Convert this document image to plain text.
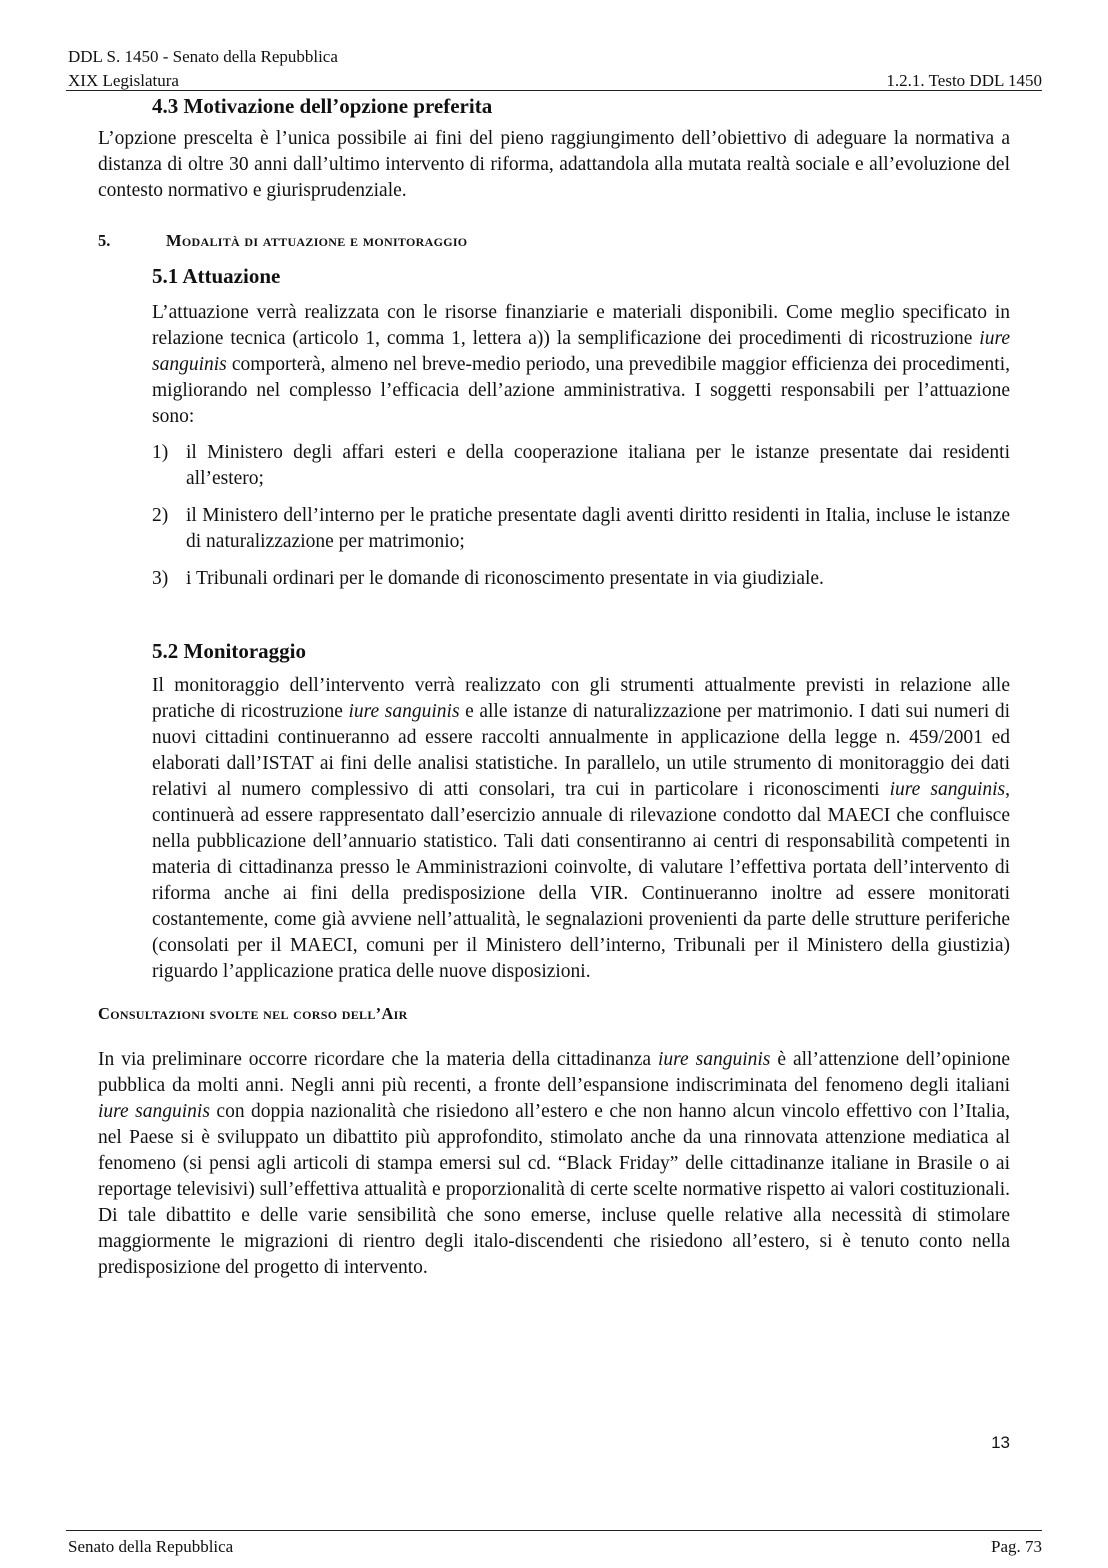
DDL S. 1450 - Senato della Repubblica
XIX Legislatura	1.2.1. Testo DDL 1450
4.3 Motivazione dell’opzione preferita

L’opzione prescelta è l’unica possibile ai fini del pieno raggiungimento dell’obiettivo di adeguare la normativa a distanza di oltre 30 anni dall’ultimo intervento di riforma, adattandola alla mutata realtà sociale e all’evoluzione del contesto normativo e giurisprudenziale.

5.	Modalità di attuazione e monitoraggio
5.1 Attuazione

L’attuazione verrà realizzata con le risorse finanziarie e materiali disponibili. Come meglio specificato in relazione tecnica (articolo 1, comma 1, lettera a)) la semplificazione dei procedimenti di ricostruzione iure sanguinis comporterà, almeno nel breve-medio periodo, una prevedibile maggior efficienza dei procedimenti, migliorando nel complesso l’efficacia dell’azione amministrativa. I soggetti responsabili per l’attuazione sono:

1) il Ministero degli affari esteri e della cooperazione italiana per le istanze presentate dai residenti all’estero;
2) il Ministero dell’interno per le pratiche presentate dagli aventi diritto residenti in Italia, incluse le istanze di naturalizzazione per matrimonio;
3) i Tribunali ordinari per le domande di riconoscimento presentate in via giudiziale.
5.2 Monitoraggio

Il monitoraggio dell’intervento verrà realizzato con gli strumenti attualmente previsti in relazione alle pratiche di ricostruzione iure sanguinis e alle istanze di naturalizzazione per matrimonio. I dati sui numeri di nuovi cittadini continueranno ad essere raccolti annualmente in applicazione della legge n. 459/2001 ed elaborati dall’ISTAT ai fini delle analisi statistiche. In parallelo, un utile strumento di monitoraggio dei dati relativi al numero complessivo di atti consolari, tra cui in particolare i riconoscimenti iure sanguinis, continuerà ad essere rappresentato dall’esercizio annuale di rilevazione condotto dal MAECI che confluisce nella pubblicazione dell’annuario statistico. Tali dati consentiranno ai centri di responsabilità competenti in materia di cittadinanza presso le Amministrazioni coinvolte, di valutare l’effettiva portata dell’intervento di riforma anche ai fini della predisposizione della VIR. Continueranno inoltre ad essere monitorati costantemente, come già avviene nell’attualità, le segnalazioni provenienti da parte delle strutture periferiche (consolati per il MAECI, comuni per il Ministero dell’interno, Tribunali per il Ministero della giustizia) riguardo l’applicazione pratica delle nuove disposizioni.

Consultazioni svolte nel corso dell’Air

In via preliminare occorre ricordare che la materia della cittadinanza iure sanguinis è all’attenzione dell’opinione pubblica da molti anni. Negli anni più recenti, a fronte dell’espansione indiscriminata del fenomeno degli italiani iure sanguinis con doppia nazionalità che risiedono all’estero e che non hanno alcun vincolo effettivo con l’Italia, nel Paese si è sviluppato un dibattito più approfondito, stimolato anche da una rinnovata attenzione mediatica al fenomeno (si pensi agli articoli di stampa emersi sul cd. “Black Friday” delle cittadinanze italiane in Brasile o ai reportage televisivi) sull’effettiva attualità e proporzionalità di certe scelte normative rispetto ai valori costituzionali. Di tale dibattito e delle varie sensibilità che sono emerse, incluse quelle relative alla necessità di stimolare maggiormente le migrazioni di rientro degli italo-discendenti che risiedono all’estero, si è tenuto conto nella predisposizione del progetto di intervento.

13
Senato della Repubblica	Pag. 73
